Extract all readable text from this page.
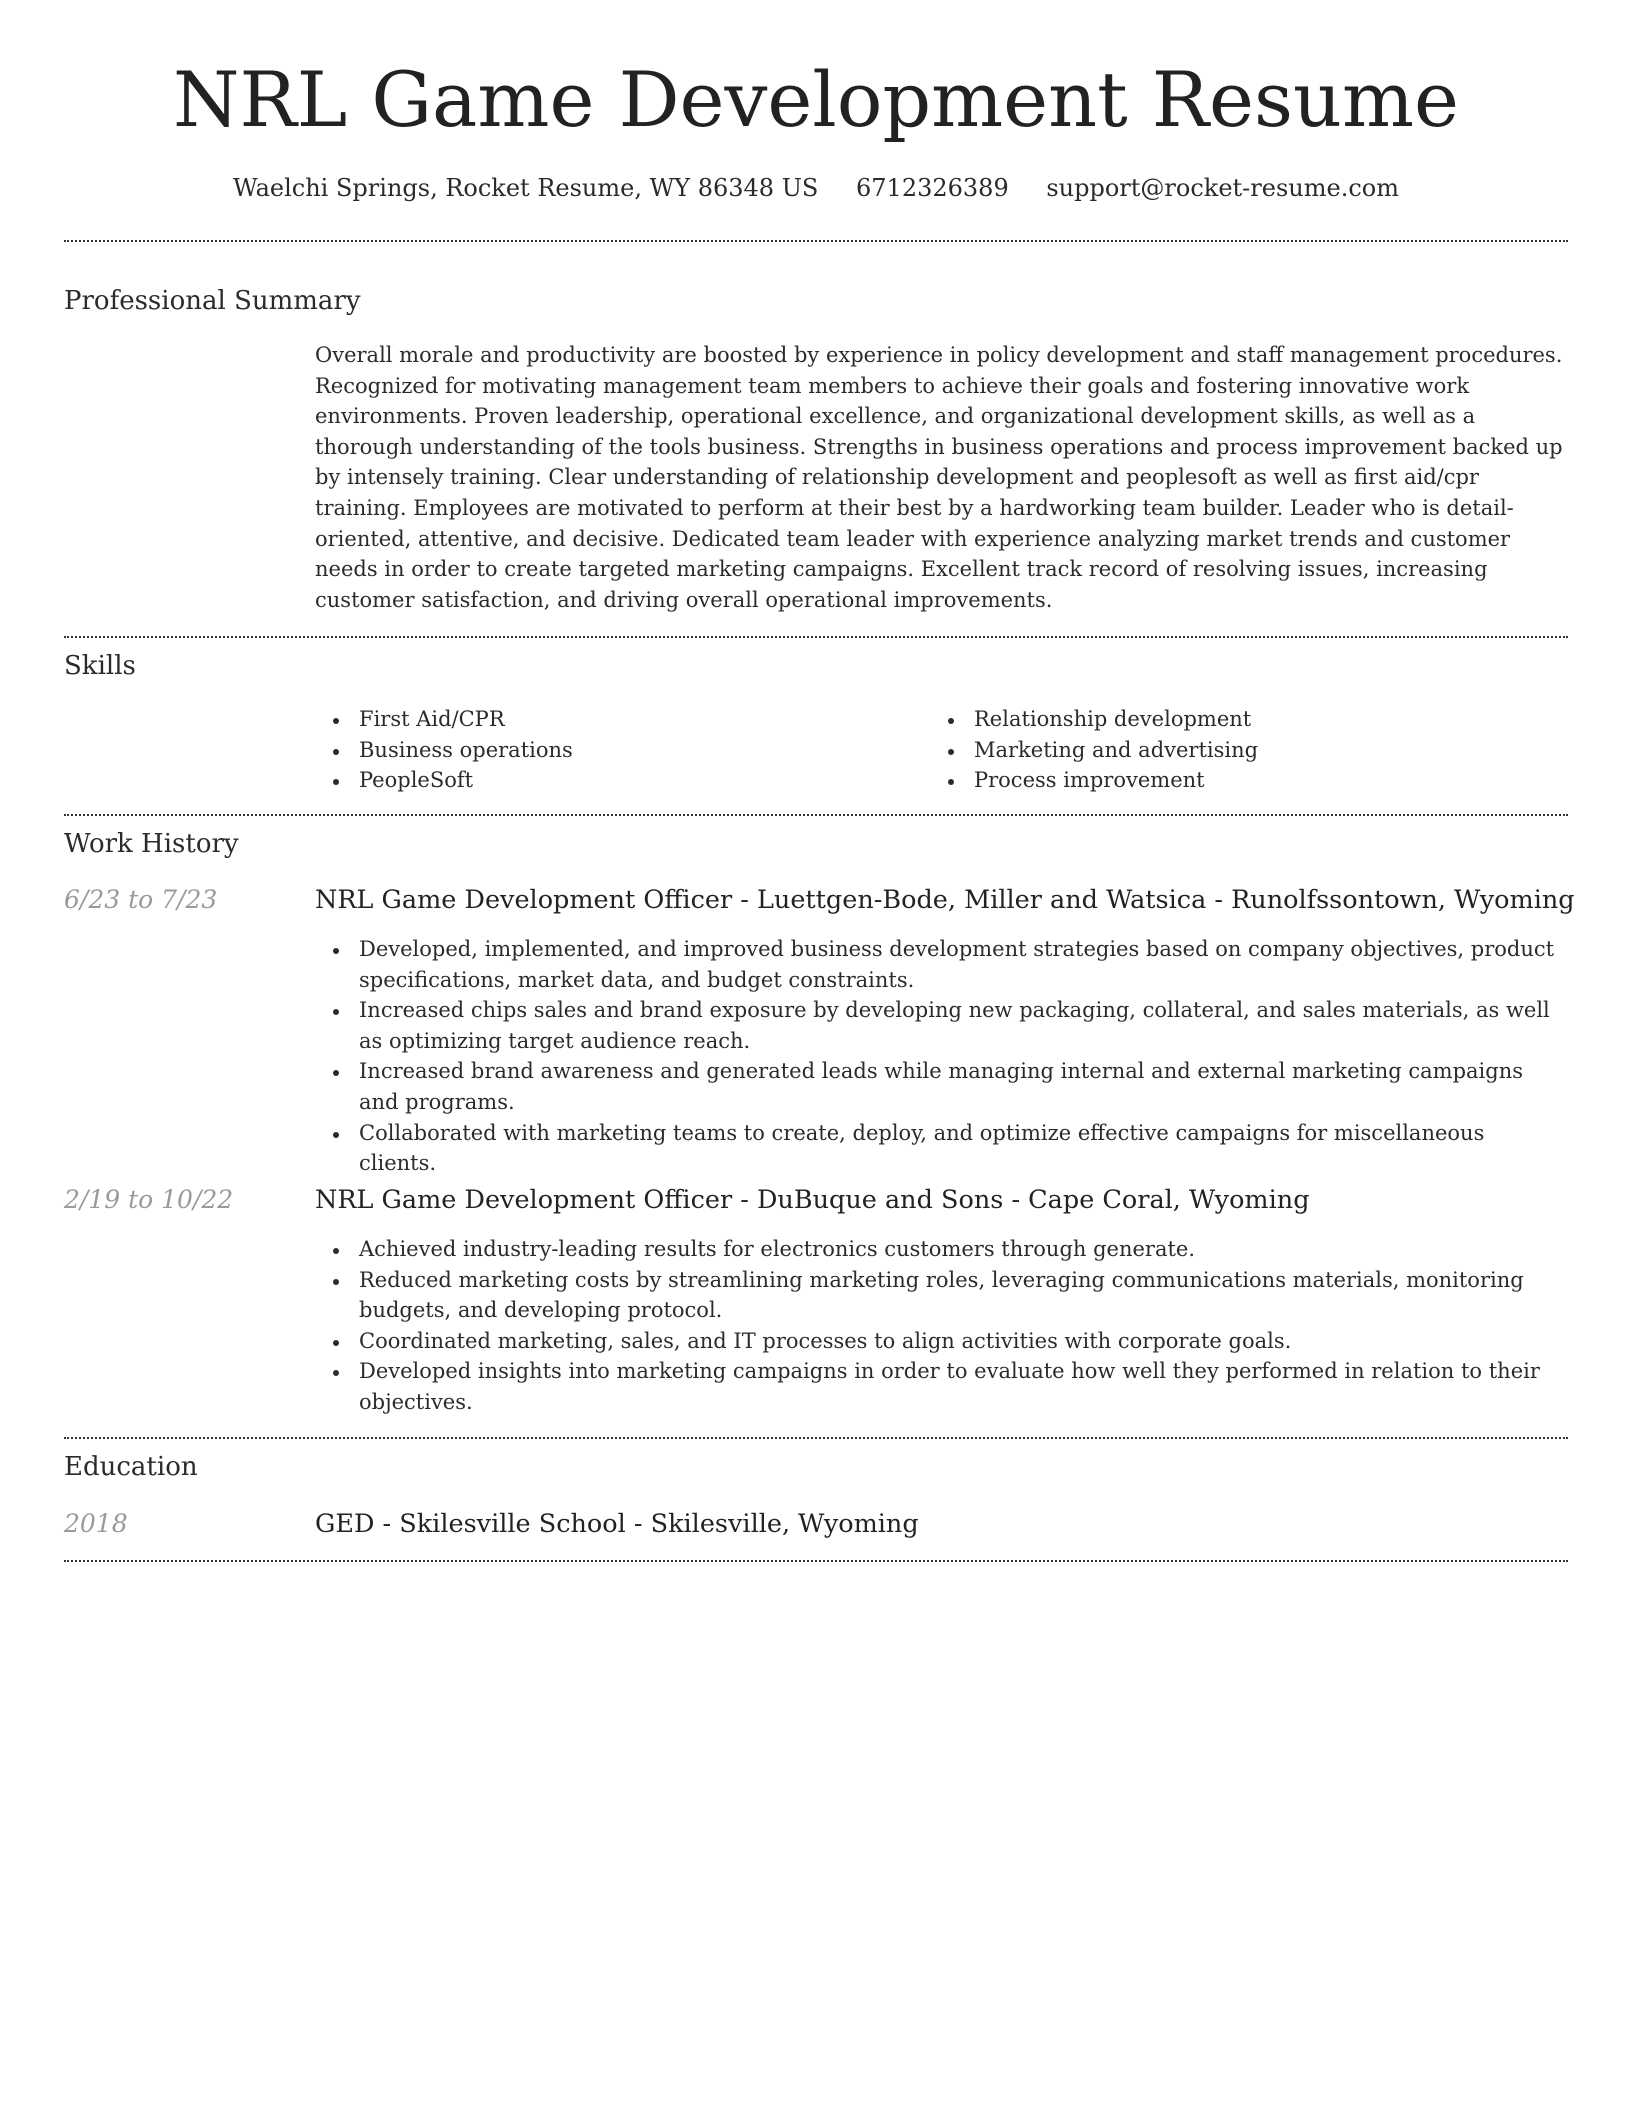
NRL Game Development Resume
Waelchi Springs, Rocket Resume, WY 86348 US 6712326389 support@rocket-resume.com
Professional Summary

Overall morale and productivity are boosted by experience in policy development and staff management procedures. Recognized for motivating management team members to achieve their goals and fostering innovative work environments. Proven leadership, operational excellence, and organizational development skills, as well as a thorough understanding of the tools business. Strengths in business operations and process improvement backed up by intensely training. Clear understanding of relationship development and peoplesoft as well as first aid/cpr training. Employees are motivated to perform at their best by a hardworking team builder. Leader who is detail-oriented, attentive, and decisive. Dedicated team leader with experience analyzing market trends and customer needs in order to create targeted marketing campaigns. Excellent track record of resolving issues, increasing customer satisfaction, and driving overall operational improvements.

Skills
First Aid/CPR
Business operations
PeopleSoft
Relationship development
Marketing and advertising
Process improvement
Work History
6/23 to 7/23	NRL Game Development Officer - Luettgen-Bode, Miller and Watsica - Runolfssontown, Wyoming
Developed, implemented, and improved business development strategies based on company objectives, product specifications, market data, and budget constraints.
Increased chips sales and brand exposure by developing new packaging, collateral, and sales materials, as well as optimizing target audience reach.
Increased brand awareness and generated leads while managing internal and external marketing campaigns and programs.
Collaborated with marketing teams to create, deploy, and optimize effective campaigns for miscellaneous clients.
2/19 to 10/22	NRL Game Development Officer - DuBuque and Sons - Cape Coral, Wyoming
Achieved industry-leading results for electronics customers through generate.
Reduced marketing costs by streamlining marketing roles, leveraging communications materials, monitoring budgets, and developing protocol.
Coordinated marketing, sales, and IT processes to align activities with corporate goals.
Developed insights into marketing campaigns in order to evaluate how well they performed in relation to their objectives.
Education
2018	GED - Skilesville School - Skilesville, Wyoming
